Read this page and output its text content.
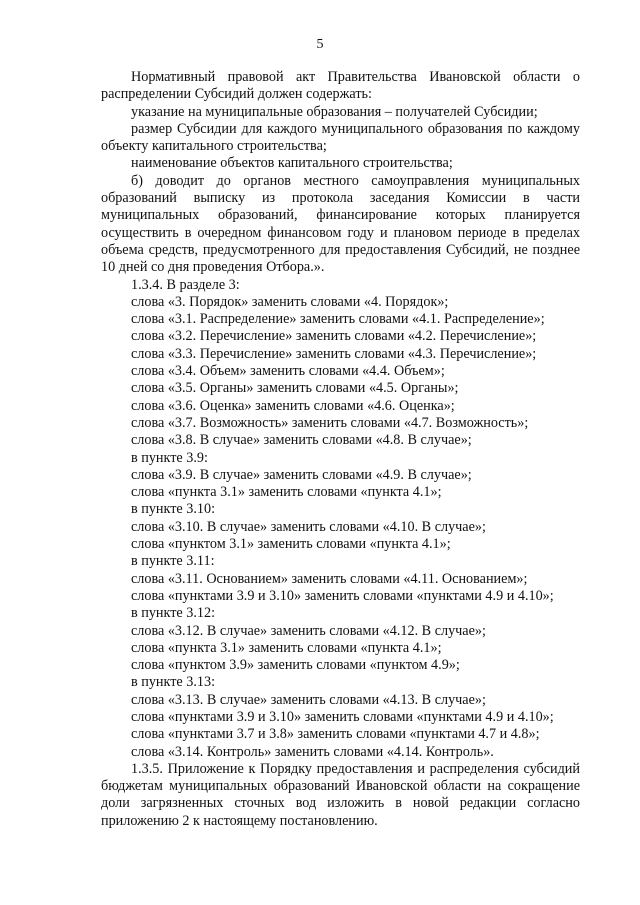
5
Нормативный правовой акт Правительства Ивановской области о распределении Субсидий должен содержать:
указание на муниципальные образования – получателей Субсидии;
размер Субсидии для каждого муниципального образования по каждому объекту капитального строительства;
наименование объектов капитального строительства;
б) доводит до органов местного самоуправления муниципальных образований выписку из протокола заседания Комиссии в части муниципальных образований, финансирование которых планируется осуществить в очередном финансовом году и плановом периоде в пределах объема средств, предусмотренного для предоставления Субсидий, не позднее 10 дней со дня проведения Отбора.».
1.3.4. В разделе 3:
слова «3. Порядок» заменить словами «4. Порядок»;
слова «3.1. Распределение» заменить словами «4.1. Распределение»;
слова «3.2. Перечисление» заменить словами «4.2. Перечисление»;
слова «3.3. Перечисление» заменить словами «4.3. Перечисление»;
слова «3.4. Объем» заменить словами «4.4. Объем»;
слова «3.5. Органы» заменить словами «4.5. Органы»;
слова «3.6. Оценка» заменить словами «4.6. Оценка»;
слова «3.7. Возможность» заменить словами «4.7. Возможность»;
слова «3.8. В случае» заменить словами «4.8. В случае»;
в пункте 3.9:
слова «3.9. В случае» заменить словами «4.9. В случае»;
слова «пункта 3.1» заменить словами «пункта 4.1»;
в пункте 3.10:
слова «3.10. В случае» заменить словами «4.10. В случае»;
слова «пунктом 3.1» заменить словами «пункта 4.1»;
в пункте 3.11:
слова «3.11. Основанием» заменить словами «4.11. Основанием»;
слова «пунктами 3.9 и 3.10» заменить словами «пунктами 4.9 и 4.10»;
в пункте 3.12:
слова «3.12. В случае» заменить словами «4.12. В случае»;
слова «пункта 3.1» заменить словами «пункта 4.1»;
слова «пунктом 3.9» заменить словами «пунктом 4.9»;
в пункте 3.13:
слова «3.13. В случае» заменить словами «4.13. В случае»;
слова «пунктами 3.9 и 3.10» заменить словами «пунктами 4.9 и 4.10»;
слова «пунктами 3.7 и 3.8» заменить словами «пунктами 4.7 и 4.8»;
слова «3.14. Контроль» заменить словами «4.14. Контроль».
1.3.5. Приложение к Порядку предоставления и распределения субсидий бюджетам муниципальных образований Ивановской области на сокращение доли загрязненных сточных вод изложить в новой редакции согласно приложению 2 к настоящему постановлению.
